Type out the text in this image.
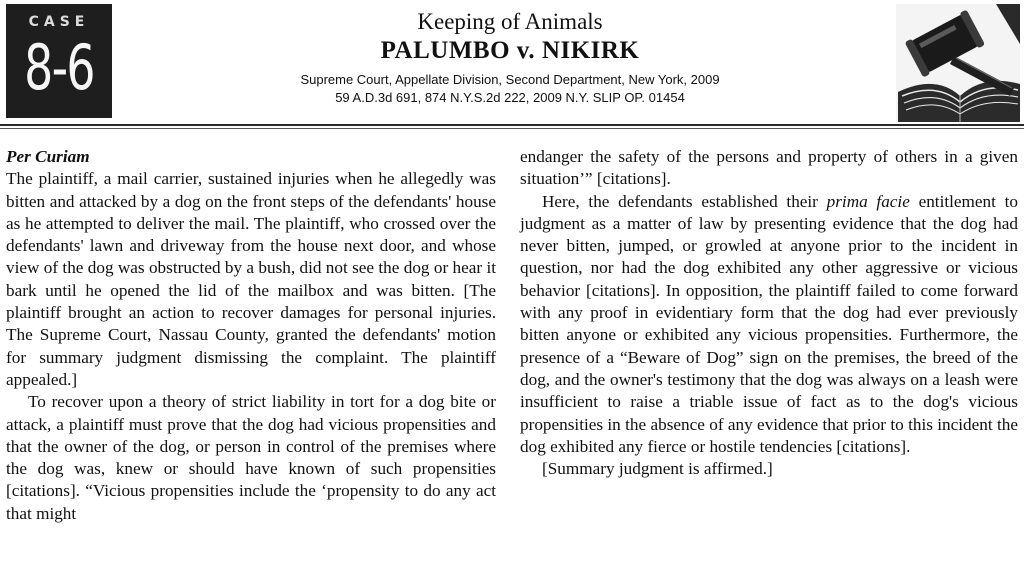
CASE
8-6
Keeping of Animals
PALUMBO v. NIKIRK
Supreme Court, Appellate Division, Second Department, New York, 2009
59 A.D.3d 691, 874 N.Y.S.2d 222, 2009 N.Y. SLIP OP. 01454

Per Curiam

The plaintiff, a mail carrier, sustained injuries when he allegedly was bitten and attacked by a dog on the front steps of the defendants' house as he attempted to deliver the mail. The plaintiff, who crossed over the defendants' lawn and driveway from the house next door, and whose view of the dog was obstructed by a bush, did not see the dog or hear it bark until he opened the lid of the mailbox and was bitten. [The plaintiff brought an action to recover damages for personal injuries. The Supreme Court, Nassau County, granted the defendants' motion for summary judgment dismissing the complaint. The plaintiff appealed.]

To recover upon a theory of strict liability in tort for a dog bite or attack, a plaintiff must prove that the dog had vicious propensities and that the owner of the dog, or person in control of the premises where the dog was, knew or should have known of such propensities [citations]. “Vicious propensities include the ‘propensity to do any act that might

endanger the safety of the persons and property of others in a given situation’” [citations].

Here, the defendants established their prima facie entitlement to judgment as a matter of law by presenting evidence that the dog had never bitten, jumped, or growled at anyone prior to the incident in question, nor had the dog exhibited any other aggressive or vicious behavior [citations]. In opposition, the plaintiff failed to come forward with any proof in evidentiary form that the dog had ever previously bitten anyone or exhibited any vicious propensities. Furthermore, the presence of a “Beware of Dog” sign on the premises, the breed of the dog, and the owner's testimony that the dog was always on a leash were insufficient to raise a triable issue of fact as to the dog's vicious propensities in the absence of any evidence that prior to this incident the dog exhibited any fierce or hostile tendencies [citations].

[Summary judgment is affirmed.]
